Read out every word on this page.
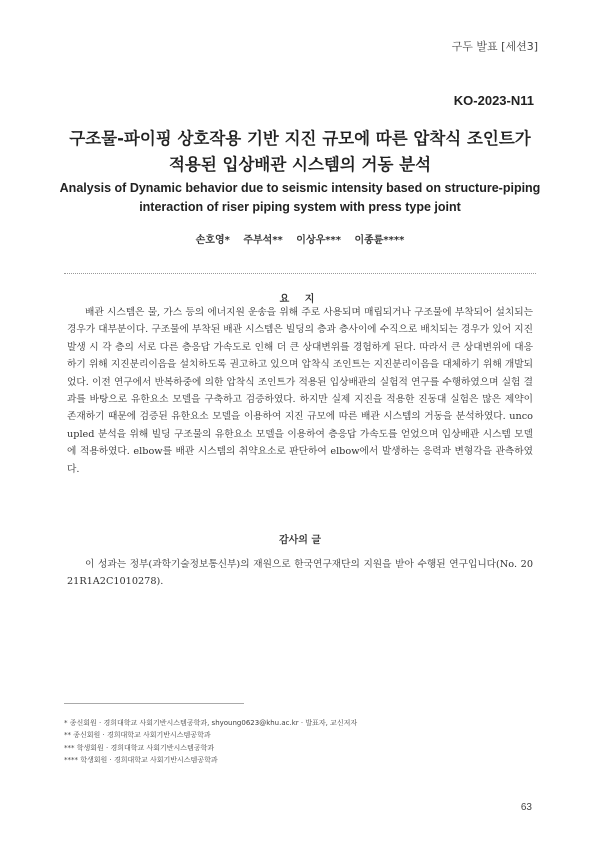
구두 발표 [세션3]
KO-2023-N11
구조물-파이핑 상호작용 기반 지진 규모에 따른 압착식 조인트가
적용된 입상배관 시스템의 거동 분석
Analysis of Dynamic behavior due to seismic intensity based on structure-piping
interaction of riser piping system with press type joint
손호영* 주부석** 이상우*** 이종륜****
요 지
배관 시스템은 물, 가스 등의 에너지원 운송을 위해 주로 사용되며 매립되거나 구조물에 부착되어 설치되는 경우가 대부분이다. 구조물에 부착된 배관 시스템은 빌딩의 층과 층사이에 수직으로 배치되는 경우가 있어 지진 발생 시 각 층의 서로 다른 층응답 가속도로 인해 더 큰 상대변위를 경험하게 된다. 따라서 큰 상대변위에 대응하기 위해 지진분리이음을 설치하도록 권고하고 있으며 압착식 조인트는 지진분리이음을 대체하기 위해 개발되었다. 이전 연구에서 반복하중에 의한 압착식 조인트가 적용된 입상배관의 실험적 연구를 수행하였으며 실험 결과를 바탕으로 유한요소 모델을 구축하고 검증하였다. 하지만 실제 지진을 적용한 진동대 실험은 많은 제약이 존재하기 때문에 검증된 유한요소 모델을 이용하여 지진 규모에 따른 배관 시스템의 거동을 분석하였다. uncoupled 분석을 위해 빌딩 구조물의 유한요소 모델을 이용하여 층응답 가속도를 얻었으며 입상배관 시스템 모델에 적용하였다. elbow를 배관 시스템의 취약요소로 판단하여 elbow에서 발생하는 응력과 변형각을 관측하였다.
감사의 글
이 성과는 정부(과학기술정보통신부)의 재원으로 한국연구재단의 지원을 받아 수행된 연구입니다(No. 2021R1A2C1010278).
* 종신회원 · 경희대학교 사회기반시스템공학과, shyoung0623@khu.ac.kr · 발표자, 교신저자
** 종신회원 · 경희대학교 사회기반시스템공학과
*** 학생회원 · 경희대학교 사회기반시스템공학과
**** 학생회원 · 경희대학교 사회기반시스템공학과
63
